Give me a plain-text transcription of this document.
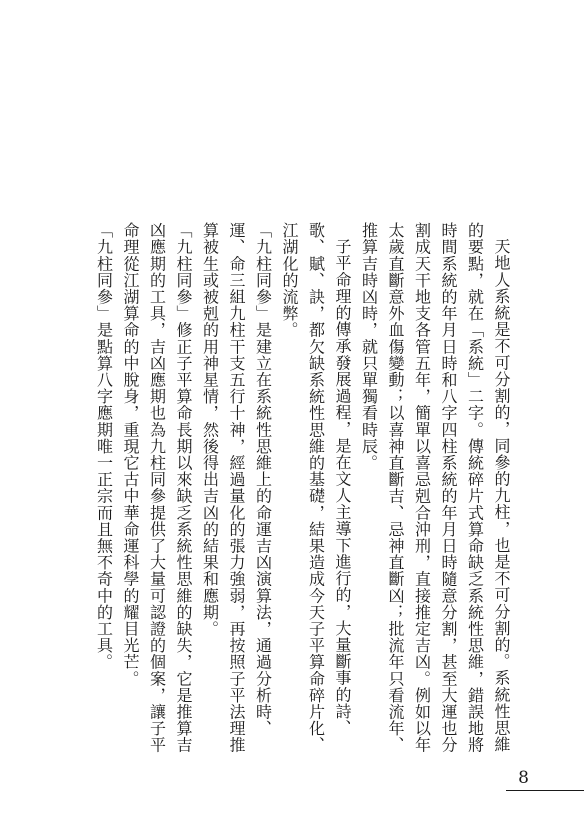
天地人系統是不可分割的，同參的九柱，也是不可分割的。系統性思維的要點，就在「系統」二字。傳統碎片式算命缺乏系統性思維，錯誤地將時間系統的年月日時和八字四柱系統的年月日時隨意分割，甚至大運也分割成天干地支各管五年，簡單以喜忌剋合沖刑，直接推定吉凶。例如以年太歲直斷意外血傷變動；以喜神直斷吉、忌神直斷凶；批流年只看流年、推算吉時凶時，就只單獨看時辰。

子平命理的傳承發展過程，是在文人主導下進行的，大量斷事的詩、歌、賦、訣，都欠缺系統性思維的基礎，結果造成今天子平算命碎片化、江湖化的流弊。

「九柱同參」是建立在系統性思維上的命運吉凶演算法，通過分析時、運、命三組九柱干支五行十神，經過量化的張力強弱，再按照子平法理推算被生或被剋的用神星情，然後得出吉凶的結果和應期。

「九柱同參」修正子平算命長期以來缺乏系統性思維的缺失，它是推算吉凶應期的工具，吉凶應期也為九柱同參提供了大量可認證的個案，讓子平命理從江湖算命的中脫身，重現它古中華命運科學的耀目光芒。

「九柱同參」是點算八字應期唯一正宗而且無不奇中的工具。

8
